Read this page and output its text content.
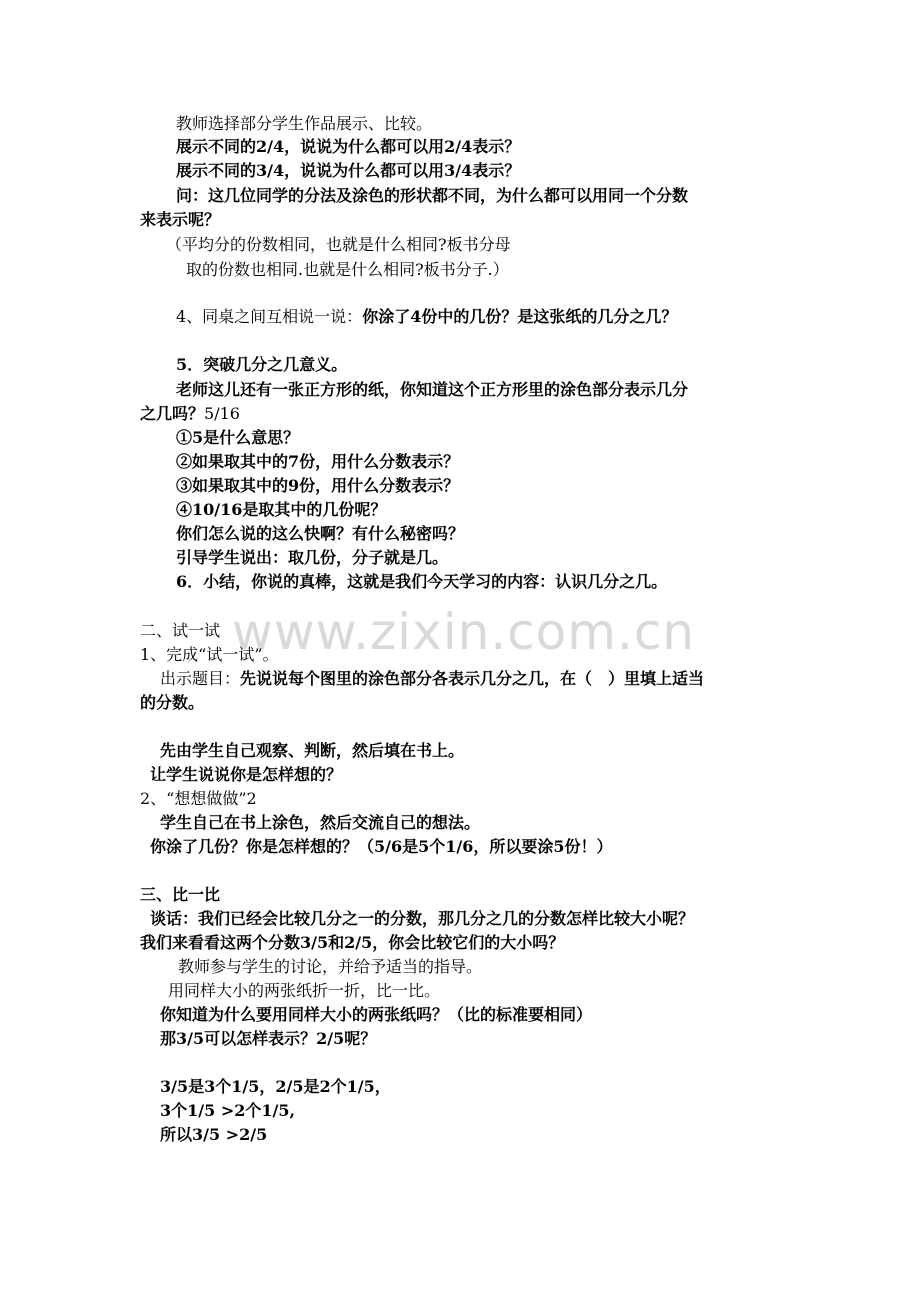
www.zixin.com.cn
教师选择部分学生作品展示、比较。
展示不同的2/4，说说为什么都可以用2/4表示？
展示不同的3/4，说说为什么都可以用3/4表示？
问：这几位同学的分法及涂色的形状都不同，为什么都可以用同一个分数
来表示呢？
（平均分的份数相同，也就是什么相同?板书分母
取的份数也相同.也就是什么相同?板书分子.）
4、同桌之间互相说一说：你涂了4份中的几份？是这张纸的几分之几？
5．突破几分之几意义。
老师这儿还有一张正方形的纸，你知道这个正方形里的涂色部分表示几分
之几吗？5/16
①5是什么意思？
②如果取其中的7份，用什么分数表示？
③如果取其中的9份，用什么分数表示？
④10/16是取其中的几份呢？
你们怎么说的这么快啊？有什么秘密吗？
引导学生说出：取几份，分子就是几。
6．小结，你说的真棒，这就是我们今天学习的内容：认识几分之几。
二、试一试
1、完成“试一试”。
出示题目：先说说每个图里的涂色部分各表示几分之几，在（　）里填上适当
的分数。
先由学生自己观察、判断，然后填在书上。
让学生说说你是怎样想的？
2、“想想做做”2
学生自己在书上涂色，然后交流自己的想法。
你涂了几份？你是怎样想的？（5/6是5个1/6，所以要涂5份！）
三、比一比
谈话：我们已经会比较几分之一的分数，那几分之几的分数怎样比较大小呢？
我们来看看这两个分数3/5和2/5，你会比较它们的大小吗？
教师参与学生的讨论，并给予适当的指导。
用同样大小的两张纸折一折，比一比。
你知道为什么要用同样大小的两张纸吗？（比的标准要相同）
那3/5可以怎样表示？2/5呢？
3/5是3个1/5，2/5是2个1/5，
3个1/5 >2个1/5,
所以3/5 >2/5
